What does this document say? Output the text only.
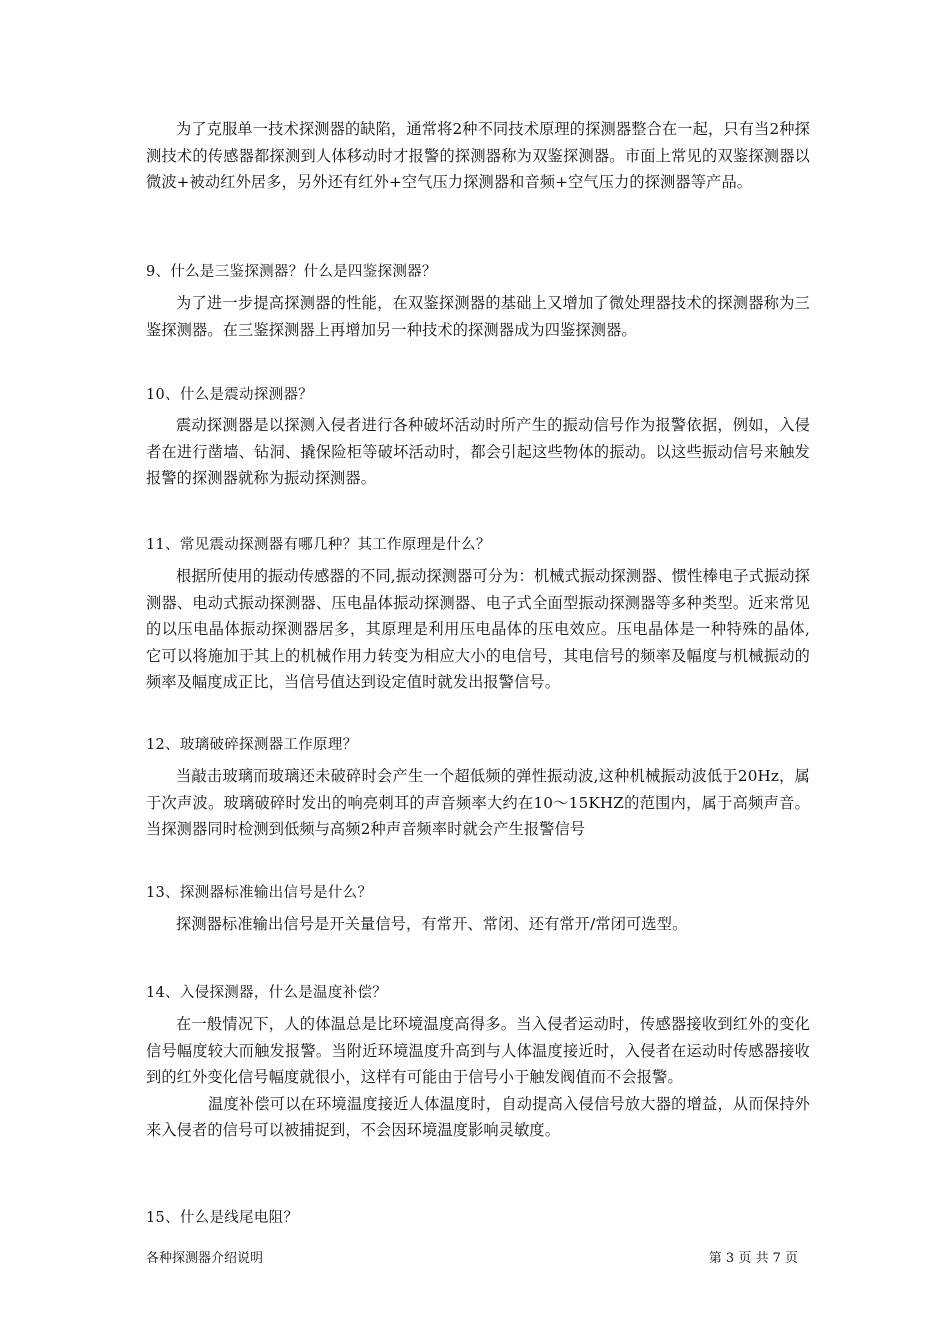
为了克服单一技术探测器的缺陷，通常将2种不同技术原理的探测器整合在一起，只有当2种探测技术的传感器都探测到人体移动时才报警的探测器称为双鉴探测器。市面上常见的双鉴探测器以微波+被动红外居多，另外还有红外+空气压力探测器和音频+空气压力的探测器等产品。

9、什么是三鉴探测器？什么是四鉴探测器？

为了进一步提高探测器的性能，在双鉴探测器的基础上又增加了微处理器技术的探测器称为三鉴探测器。在三鉴探测器上再增加另一种技术的探测器成为四鉴探测器。

10、什么是震动探测器？

震动探测器是以探测入侵者进行各种破坏活动时所产生的振动信号作为报警依据，例如，入侵者在进行凿墙、钻洞、撬保险柜等破坏活动时，都会引起这些物体的振动。以这些振动信号来触发报警的探测器就称为振动探测器。

11、常见震动探测器有哪几种？其工作原理是什么？

根据所使用的振动传感器的不同,振动探测器可分为：机械式振动探测器、惯性棒电子式振动探测器、电动式振动探测器、压电晶体振动探测器、电子式全面型振动探测器等多种类型。近来常见的以压电晶体振动探测器居多，其原理是利用压电晶体的压电效应。压电晶体是一种特殊的晶体,它可以将施加于其上的机械作用力转变为相应大小的电信号，其电信号的频率及幅度与机械振动的频率及幅度成正比，当信号值达到设定值时就发出报警信号。

12、玻璃破碎探测器工作原理？

当敲击玻璃而玻璃还未破碎时会产生一个超低频的弹性振动波,这种机械振动波低于20Hz，属于次声波。玻璃破碎时发出的响亮刺耳的声音频率大约在10～15KHZ的范围内，属于高频声音。当探测器同时检测到低频与高频2种声音频率时就会产生报警信号

13、探测器标准输出信号是什么？

探测器标准输出信号是开关量信号，有常开、常闭、还有常开/常闭可选型。

14、入侵探测器，什么是温度补偿？

在一般情况下，人的体温总是比环境温度高得多。当入侵者运动时，传感器接收到红外的变化信号幅度较大而触发报警。当附近环境温度升高到与人体温度接近时，入侵者在运动时传感器接收到的红外变化信号幅度就很小，这样有可能由于信号小于触发阀值而不会报警。

温度补偿可以在环境温度接近人体温度时，自动提高入侵信号放大器的增益，从而保持外来入侵者的信号可以被捕捉到，不会因环境温度影响灵敏度。

15、什么是线尾电阻？

各种探测器介绍说明	第 3 页 共 7 页
